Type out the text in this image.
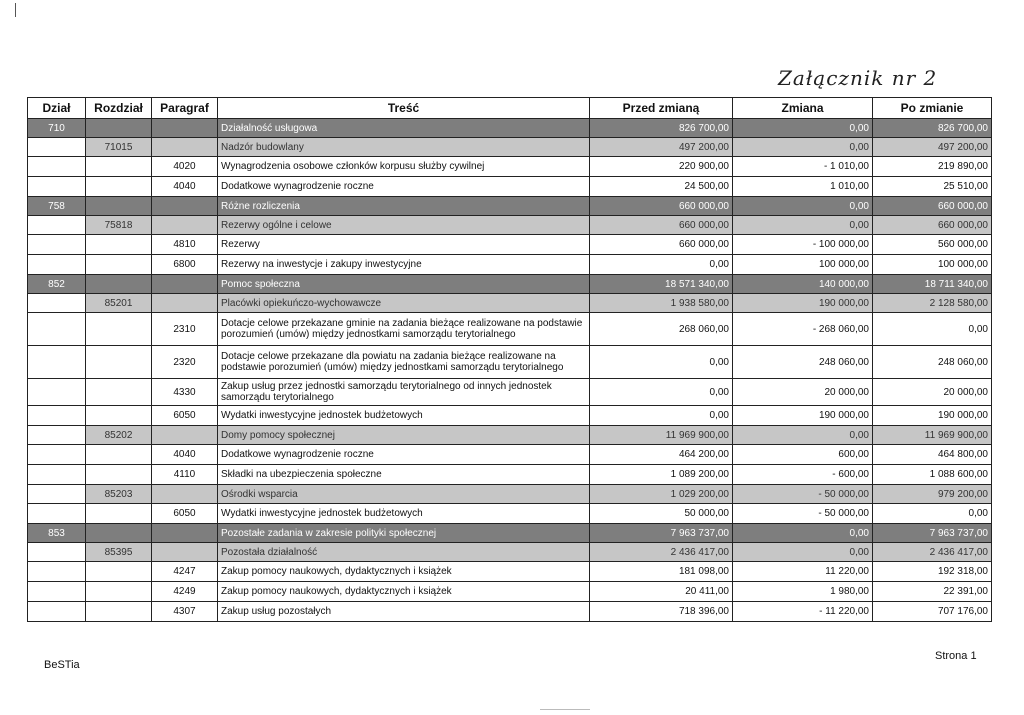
Załącznik nr 2
Dział	Rozdział	Paragraf	Treść	Przed zmianą	Zmiana	Po zmianie
710			Działalność usługowa	826 700,00	0,00	826 700,00
	71015		Nadzór budowlany	497 200,00	0,00	497 200,00
		4020	Wynagrodzenia osobowe członków korpusu służby cywilnej	220 900,00	- 1 010,00	219 890,00
		4040	Dodatkowe wynagrodzenie roczne	24 500,00	1 010,00	25 510,00
758			Różne rozliczenia	660 000,00	0,00	660 000,00
	75818		Rezerwy ogólne i celowe	660 000,00	0,00	660 000,00
		4810	Rezerwy	660 000,00	- 100 000,00	560 000,00
		6800	Rezerwy na inwestycje i zakupy inwestycyjne	0,00	100 000,00	100 000,00
852			Pomoc społeczna	18 571 340,00	140 000,00	18 711 340,00
	85201		Placówki opiekuńczo-wychowawcze	1 938 580,00	190 000,00	2 128 580,00
		2310	Dotacje celowe przekazane gminie na zadania bieżące realizowane na podstawie porozumień (umów) między jednostkami samorządu terytorialnego	268 060,00	- 268 060,00	0,00
		2320	Dotacje celowe przekazane dla powiatu na zadania bieżące realizowane na podstawie porozumień (umów) między jednostkami samorządu terytorialnego	0,00	248 060,00	248 060,00
		4330	Zakup usług przez jednostki samorządu terytorialnego od innych jednostek samorządu terytorialnego	0,00	20 000,00	20 000,00
		6050	Wydatki inwestycyjne jednostek budżetowych	0,00	190 000,00	190 000,00
	85202		Domy pomocy społecznej	11 969 900,00	0,00	11 969 900,00
		4040	Dodatkowe wynagrodzenie roczne	464 200,00	600,00	464 800,00
		4110	Składki na ubezpieczenia społeczne	1 089 200,00	- 600,00	1 088 600,00
	85203		Ośrodki wsparcia	1 029 200,00	- 50 000,00	979 200,00
		6050	Wydatki inwestycyjne jednostek budżetowych	50 000,00	- 50 000,00	0,00
853			Pozostałe zadania w zakresie polityki społecznej	7 963 737,00	0,00	7 963 737,00
	85395		Pozostała działalność	2 436 417,00	0,00	2 436 417,00
		4247	Zakup pomocy naukowych, dydaktycznych i książek	181 098,00	11 220,00	192 318,00
		4249	Zakup pomocy naukowych, dydaktycznych i książek	20 411,00	1 980,00	22 391,00
		4307	Zakup usług pozostałych	718 396,00	- 11 220,00	707 176,00
BeSTia
Strona 1
